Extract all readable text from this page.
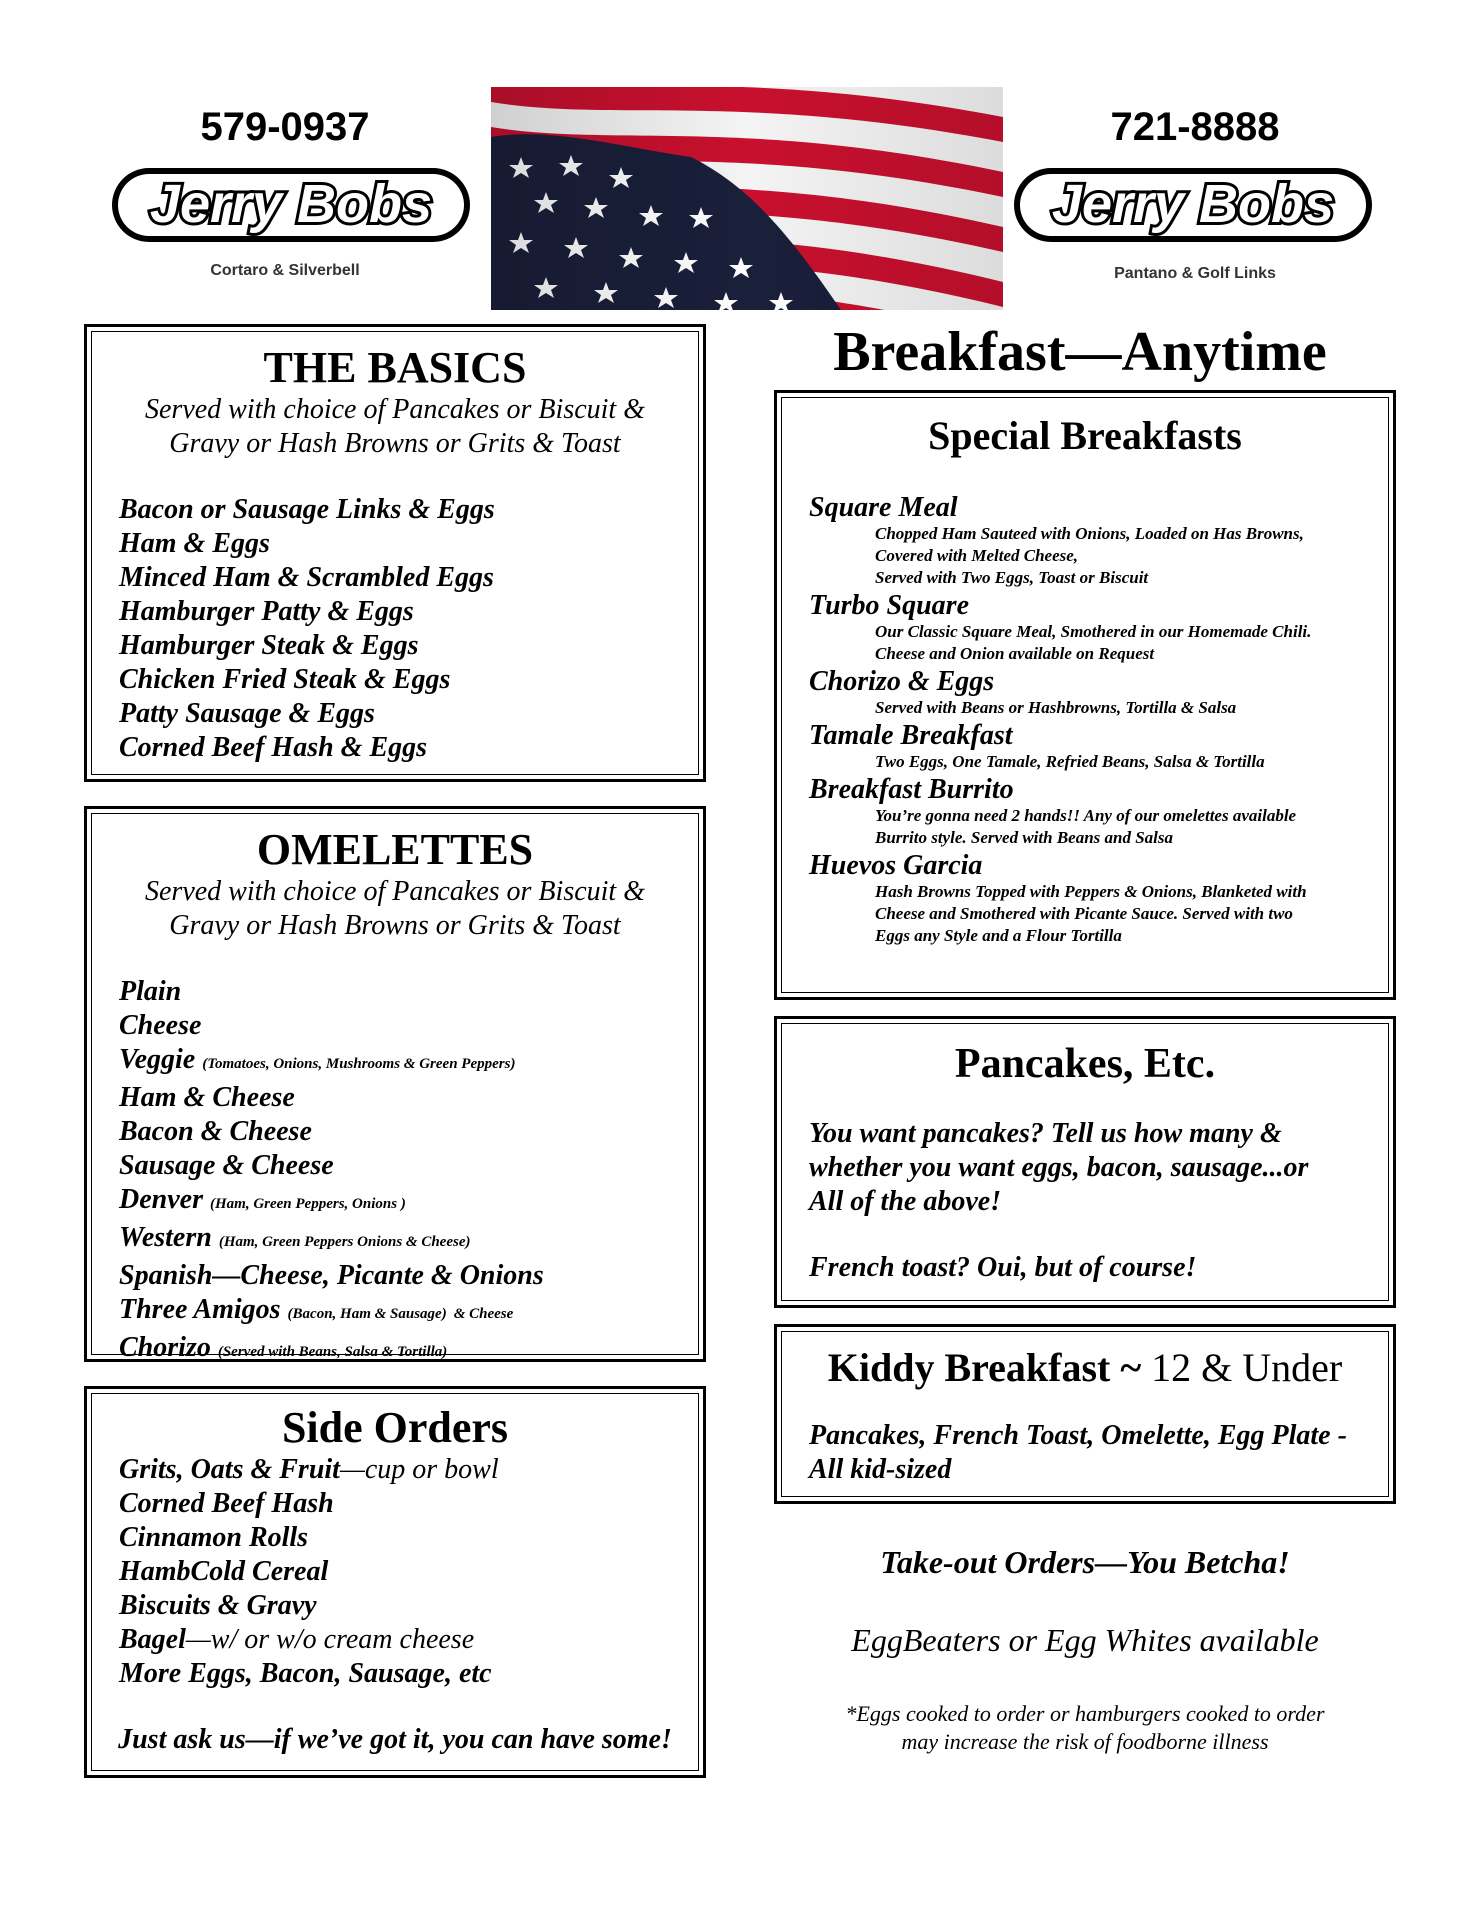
579-0937
Jerry Bobs
Cortaro & Silverbell
721-8888
Jerry Bobs
Pantano & Golf Links

THE BASICS

Served with choice of Pancakes or Biscuit &

Gravy or Hash Browns or Grits & Toast

Bacon or Sausage Links & Eggs
Ham & Eggs
Minced Ham & Scrambled Eggs
Hamburger Patty & Eggs
Hamburger Steak & Eggs
Chicken Fried Steak & Eggs
Patty Sausage & Eggs
Corned Beef Hash & Eggs

OMELETTES

Served with choice of Pancakes or Biscuit &

Gravy or Hash Browns or Grits & Toast

Plain
Cheese
Veggie (Tomatoes, Onions, Mushrooms & Green Peppers)
Ham & Cheese
Bacon & Cheese
Sausage & Cheese
Denver (Ham, Green Peppers, Onions )
Western (Ham, Green Peppers Onions & Cheese)
Spanish—Cheese, Picante & Onions
Three Amigos (Bacon, Ham & Sausage) & Cheese
Chorizo (Served with Beans, Salsa & Tortilla)

Side Orders

Grits, Oats & Fruit—cup or bowl
Corned Beef Hash
Cinnamon Rolls
HambCold Cereal
Biscuits & Gravy
Bagel—w/ or w/o cream cheese
More Eggs, Bacon, Sausage, etc

Just ask us—if we’ve got it, you can have some!

Breakfast—Anytime

Special Breakfasts

Square Meal

Chopped Ham Sauteed with Onions, Loaded on Has Browns,

Covered with Melted Cheese,

Served with Two Eggs, Toast or Biscuit

Turbo Square

Our Classic Square Meal, Smothered in our Homemade Chili.

Cheese and Onion available on Request

Chorizo & Eggs

Served with Beans or Hashbrowns, Tortilla & Salsa

Tamale Breakfast

Two Eggs, One Tamale, Refried Beans, Salsa & Tortilla

Breakfast Burrito

You’re gonna need 2 hands!! Any of our omelettes available

Burrito style. Served with Beans and Salsa

Huevos Garcia

Hash Browns Topped with Peppers & Onions, Blanketed with

Cheese and Smothered with Picante Sauce. Served with two

Eggs any Style and a Flour Tortilla

Pancakes, Etc.

You want pancakes? Tell us how many &

whether you want eggs, bacon, sausage...or

All of the above!

French toast? Oui, but of course!

Kiddy Breakfast ~ 12 & Under

Pancakes, French Toast, Omelette, Egg Plate -

All kid-sized

Take-out Orders—You Betcha!
EggBeaters or Egg Whites available
*Eggs cooked to order or hamburgers cooked to order
may increase the risk of foodborne illness
